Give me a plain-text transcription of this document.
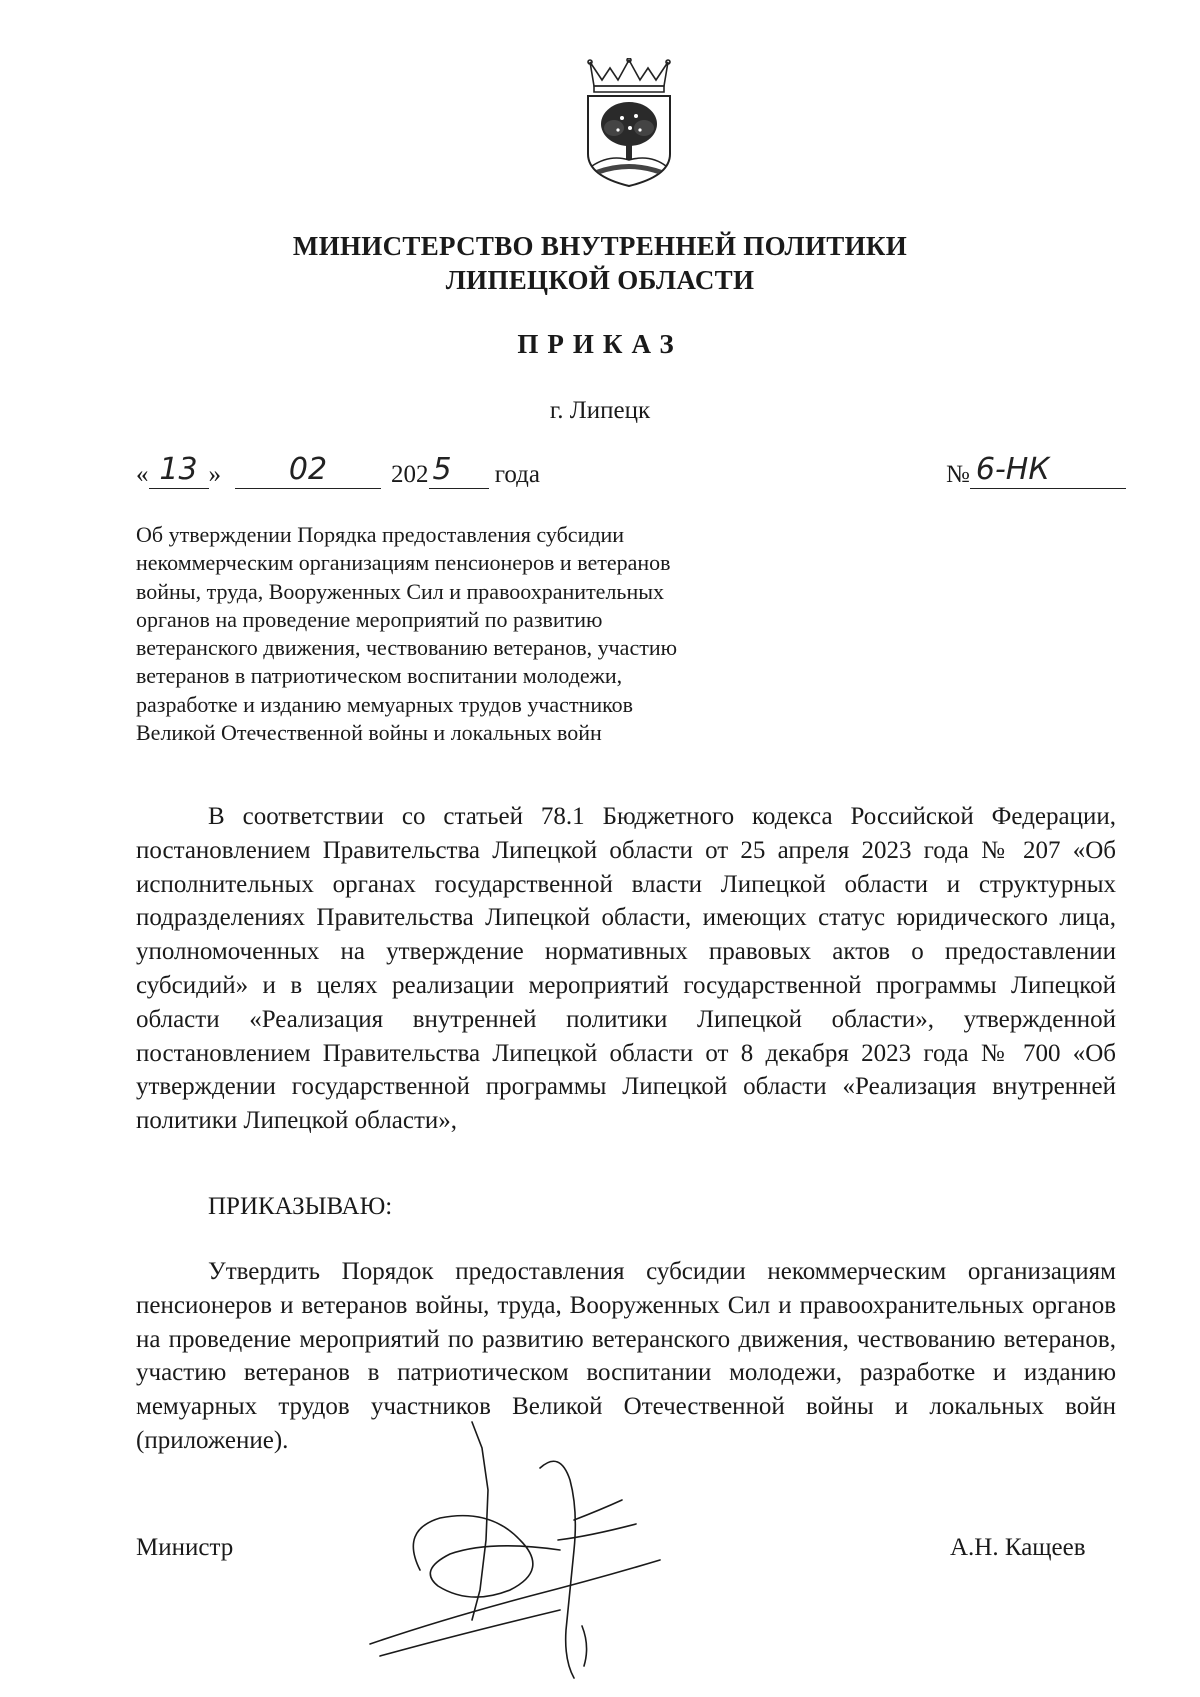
МИНИСТЕРСТВО ВНУТРЕННЕЙ ПОЛИТИКИ
ЛИПЕЦКОЙ ОБЛАСТИ
ПРИКАЗ
г. Липецк
« 13 » 02	202 5 года	№ 6-НК
Об утверждении Порядка предоставления субсидии некоммерческим организациям пенсионеров и ветеранов войны, труда, Вооруженных Сил и правоохранительных органов на проведение мероприятий по развитию ветеранского движения, чествованию ветеранов, участию ветеранов в патриотическом воспитании молодежи, разработке и изданию мемуарных трудов участников Великой Отечественной войны и локальных войн
В соответствии со статьей 78.1 Бюджетного кодекса Российской Федерации, постановлением Правительства Липецкой области от 25 апреля 2023 года № 207 «Об исполнительных органах государственной власти Липецкой области и структурных подразделениях Правительства Липецкой области, имеющих статус юридического лица, уполномоченных на утверждение нормативных правовых актов о предоставлении субсидий» и в целях реализации мероприятий государственной программы Липецкой области «Реализация внутренней политики Липецкой области», утвержденной постановлением Правительства Липецкой области от 8 декабря 2023 года № 700 «Об утверждении государственной программы Липецкой области «Реализация внутренней политики Липецкой области»,
ПРИКАЗЫВАЮ:
Утвердить Порядок предоставления субсидии некоммерческим организациям пенсионеров и ветеранов войны, труда, Вооруженных Сил и правоохранительных органов на проведение мероприятий по развитию ветеранского движения, чествованию ветеранов, участию ветеранов в патриотическом воспитании молодежи, разработке и изданию мемуарных трудов участников Великой Отечественной войны и локальных войн (приложение).
Министр	А.Н. Кащеев
